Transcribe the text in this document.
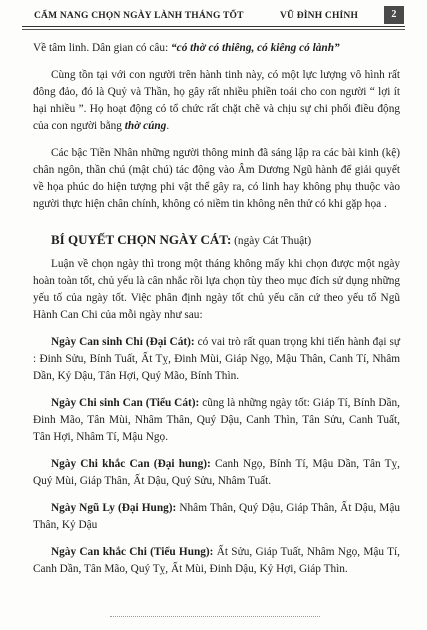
CẨM NANG CHỌN NGÀY LÀNH THÁNG TỐT	VŨ ĐÌNH CHỈNH	2

Về tâm linh. Dân gian có câu: “có thờ có thiêng, có kiêng có lành”

Cùng tồn tại với con người trên hành tinh này, có một lực lượng vô hình rất đông đảo, đó là Quỷ và Thần, họ gây rất nhiều phiền toái cho con người “ lợi ít hại nhiều ”. Họ hoạt động có tổ chức rất chặt chẽ và chịu sự chi phối điều động của con người bằng thờ cúng.

Các bậc Tiền Nhân những người thông minh đã sáng lập ra các bài kinh (kệ) chân ngôn, thần chú (mật chú) tác động vào Âm Dương Ngũ hành để giải quyết về họa phúc do hiện tượng phi vật thể gây ra, có linh hay không phụ thuộc vào người thực hiện chân chính, không có niềm tin không nên thử có khi gặp họa .

BÍ QUYẾT CHỌN NGÀY CÁT: (ngày Cát Thuật)

Luận về chọn ngày thì trong một tháng không mấy khi chọn được một ngày hoàn toàn tốt, chủ yếu là cân nhắc rồi lựa chọn tùy theo mục đích sử dụng những yếu tố của ngày tốt. Việc phân định ngày tốt chủ yếu căn cứ theo yếu tố Ngũ Hành Can Chi của mỗi ngày như sau:

Ngày Can sinh Chi (Đại Cát): có vai trò rất quan trọng khi tiến hành đại sự : Đinh Sửu, Bính Tuất, Ất Tỵ, Đinh Mùi, Giáp Ngọ, Mậu Thân, Canh Tí, Nhâm Dần, Kỷ Dậu, Tân Hợi, Quý Mão, Bính Thìn.

Ngày Chi sinh Can (Tiểu Cát): cũng là những ngày tốt: Giáp Tí, Bính Dần, Đinh Mão, Tân Mùi, Nhâm Thân, Quý Dậu, Canh Thìn, Tân Sửu, Canh Tuất, Tân Hợi, Nhâm Tí, Mậu Ngọ.

Ngày Chi khắc Can (Đại hung): Canh Ngọ, Bính Tí, Mậu Dần, Tân Tỵ, Quý Mùi, Giáp Thân, Ất Dậu, Quý Sửu, Nhâm Tuất.

Ngày Ngũ Ly (Đại Hung): Nhâm Thân, Quý Dậu, Giáp Thân, Ất Dậu, Mậu Thân, Kỷ Dậu

Ngày Can khắc Chi (Tiểu Hung): Ất Sửu, Giáp Tuất, Nhâm Ngọ, Mậu Tí, Canh Dần, Tân Mão, Quý Tỵ, Ất Mùi, Đinh Dậu, Kỷ Hợi, Giáp Thìn.
